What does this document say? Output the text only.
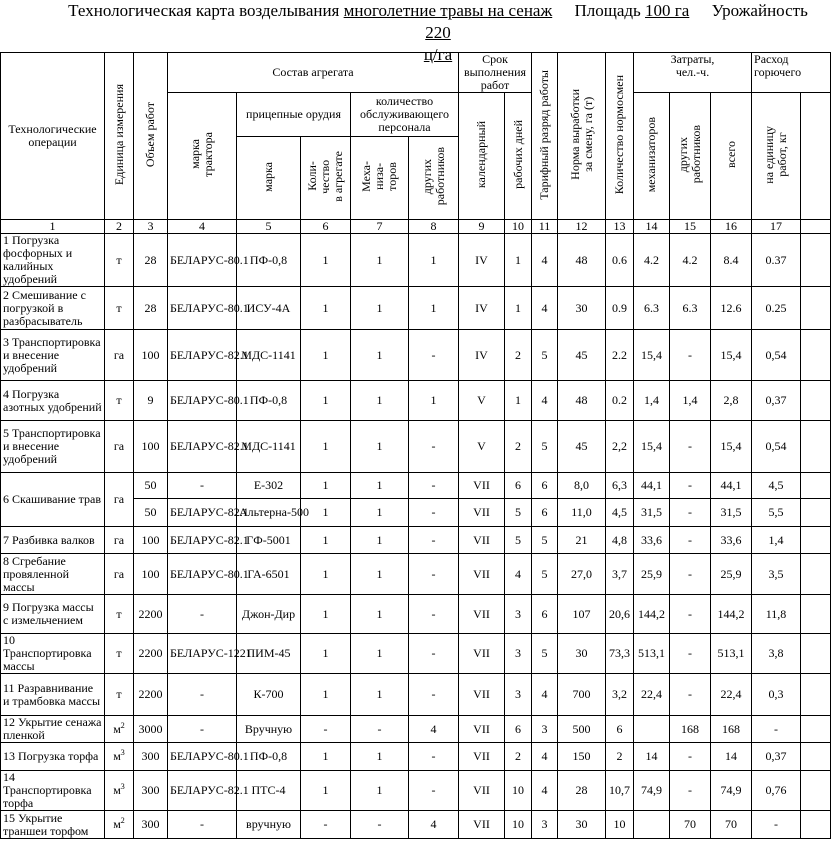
Технологическая карта возделывания многолетние травы на сенаж Площадь 100 га Урожайность 220
ц/га
Технологические операции	Единица измерения	Объем работ	Состав агрегата					Срок выполнения работ		Тарифный разряд работы	Норма выработки
за смену, га (т)	Количество нормосмен	Затраты,
чел.-ч.			Расход горючего	
			марка
трактора	прицепные орудия		количество обслуживающего персонала		календарный	рабочих дней				механизаторов	других
работников	всего	на единицу
работ, кг	
				марка	Коли-
чество
в агрегате	Меха-
низа-
торов	других
работников										
1	2	3	4	5	6	7	8	9	10	11	12	13	14	15	16	17	
1 Погрузка фосфорных и калийных удобрений	т	28	БЕЛАРУС-80.1	ПФ-0,8	1	1	1	IV	1	4	48	0.6	4.2	4.2	8.4	0.37	
2 Смешивание с погрузкой в разбрасыватель	т	28	БЕЛАРУС-80.1	ИСУ-4А	1	1	1	IV	1	4	30	0.9	6.3	6.3	12.6	0.25	
3 Транспортировка и внесение удобрений	га	100	БЕЛАРУС-82.1	МДС-1141	1	1	-	IV	2	5	45	2.2	15,4	-	15,4	0,54	
4 Погрузка азотных удобрений	т	9	БЕЛАРУС-80.1	ПФ-0,8	1	1	1	V	1	4	48	0.2	1,4	1,4	2,8	0,37	
5 Транспортировка и внесение удобрений	га	100	БЕЛАРУС-82.1	МДС-1141	1	1	-	V	2	5	45	2,2	15,4	-	15,4	0,54	
6 Скашивание трав	га	50	-	Е-302	1	1	-	VII	6	6	8,0	6,3	44,1	-	44,1	4,5	
		50	БЕЛАРУС-82.1	Альтерна-500	1	1	-	VII	5	6	11,0	4,5	31,5	-	31,5	5,5	
7 Разбивка валков	га	100	БЕЛАРУС-82.1	ГФ-5001	1	1	-	VII	5	5	21	4,8	33,6	-	33,6	1,4	
8 Сгребание провяленной массы	га	100	БЕЛАРУС-80.1	ГА-6501	1	1	-	VII	4	5	27,0	3,7	25,9	-	25,9	3,5	
9 Погрузка массы с измельчением	т	2200	-	Джон-Дир	1	1	-	VII	3	6	107	20,6	144,2	-	144,2	11,8	
10 Транспортировка массы	т	2200	БЕЛАРУС-1221	ПИМ-45	1	1	-	VII	3	5	30	73,3	513,1	-	513,1	3,8	
11 Разравнивание и трамбовка массы	т	2200	-	К-700	1	1	-	VII	3	4	700	3,2	22,4	-	22,4	0,3	
12 Укрытие сенажа пленкой	$м^2$	3000	-	Вручную	-	-	4	VII	6	3	500	6		168	168	-	
13 Погрузка торфа	$м^3$	300	БЕЛАРУС-80.1	ПФ-0,8	1	1	-	VII	2	4	150	2	14	-	14	0,37	
14 Транспортировка торфа	$м^3$	300	БЕЛАРУС-82.1	ПТС-4	1	1	-	VII	10	4	28	10,7	74,9	-	74,9	0,76	
15 Укрытие траншеи торфом	$м^2$	300	-	вручную	-	-	4	VII	10	3	30	10		70	70	-	
